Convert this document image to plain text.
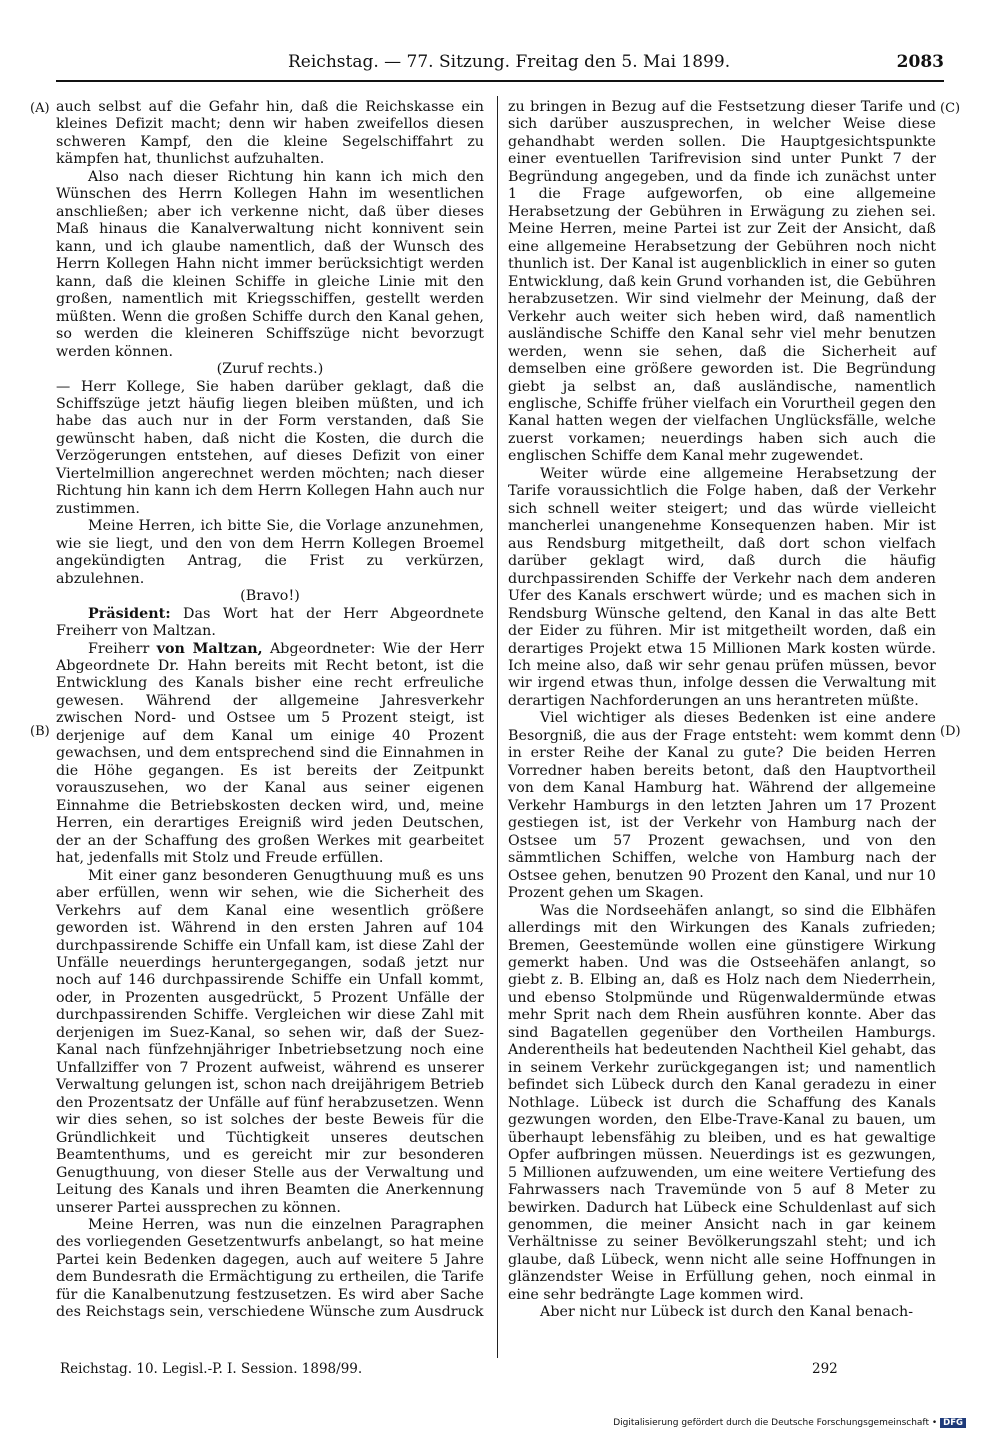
Reichstag. — 77. Sitzung. Freitag den 5. Mai 1899.	2083
(A)
(B)
(C)
(D)

auch selbst auf die Gefahr hin, daß die Reichskasse ein kleines Defizit macht; denn wir haben zweifellos diesen schweren Kampf, den die kleine Segelschiffahrt zu kämpfen hat, thunlichst aufzuhalten.

Also nach dieser Richtung hin kann ich mich den Wünschen des Herrn Kollegen Hahn im wesentlichen anschließen; aber ich verkenne nicht, daß über dieses Maß hinaus die Kanalverwaltung nicht konnivent sein kann, und ich glaube namentlich, daß der Wunsch des Herrn Kollegen Hahn nicht immer berücksichtigt werden kann, daß die kleinen Schiffe in gleiche Linie mit den großen, namentlich mit Kriegsschiffen, gestellt werden müßten. Wenn die großen Schiffe durch den Kanal gehen, so werden die kleineren Schiffszüge nicht bevorzugt werden können.

(Zuruf rechts.)

— Herr Kollege, Sie haben darüber geklagt, daß die Schiffszüge jetzt häufig liegen bleiben müßten, und ich habe das auch nur in der Form verstanden, daß Sie gewünscht haben, daß nicht die Kosten, die durch die Verzögerungen entstehen, auf dieses Defizit von einer Viertelmillion angerechnet werden möchten; nach dieser Richtung hin kann ich dem Herrn Kollegen Hahn auch nur zustimmen.

Meine Herren, ich bitte Sie, die Vorlage anzunehmen, wie sie liegt, und den von dem Herrn Kollegen Broemel angekündigten Antrag, die Frist zu verkürzen, abzulehnen.

(Bravo!)

Präsident: Das Wort hat der Herr Abgeordnete Freiherr von Maltzan.

Freiherr von Maltzan, Abgeordneter: Wie der Herr Abgeordnete Dr. Hahn bereits mit Recht betont, ist die Entwicklung des Kanals bisher eine recht erfreuliche gewesen. Während der allgemeine Jahresverkehr zwischen Nord- und Ostsee um 5 Prozent steigt, ist derjenige auf dem Kanal um einige 40 Prozent gewachsen, und dem entsprechend sind die Einnahmen in die Höhe gegangen. Es ist bereits der Zeitpunkt vorauszusehen, wo der Kanal aus seiner eigenen Einnahme die Betriebskosten decken wird, und, meine Herren, ein derartiges Ereigniß wird jeden Deutschen, der an der Schaffung des großen Werkes mit gearbeitet hat, jedenfalls mit Stolz und Freude erfüllen.

Mit einer ganz besonderen Genugthuung muß es uns aber erfüllen, wenn wir sehen, wie die Sicherheit des Verkehrs auf dem Kanal eine wesentlich größere geworden ist. Während in den ersten Jahren auf 104 durchpassirende Schiffe ein Unfall kam, ist diese Zahl der Unfälle neuerdings heruntergegangen, sodaß jetzt nur noch auf 146 durchpassirende Schiffe ein Unfall kommt, oder, in Prozenten ausgedrückt, 5 Prozent Unfälle der durchpassirenden Schiffe. Vergleichen wir diese Zahl mit derjenigen im Suez-Kanal, so sehen wir, daß der Suez-Kanal nach fünfzehnjähriger Inbetriebsetzung noch eine Unfallziffer von 7 Prozent aufweist, während es unserer Verwaltung gelungen ist, schon nach dreijährigem Betrieb den Prozentsatz der Unfälle auf fünf herabzusetzen. Wenn wir dies sehen, so ist solches der beste Beweis für die Gründlichkeit und Tüchtigkeit unseres deutschen Beamtenthums, und es gereicht mir zur besonderen Genugthuung, von dieser Stelle aus der Verwaltung und Leitung des Kanals und ihren Beamten die Anerkennung unserer Partei aussprechen zu können.

Meine Herren, was nun die einzelnen Paragraphen des vorliegenden Gesetzentwurfs anbelangt, so hat meine Partei kein Bedenken dagegen, auch auf weitere 5 Jahre dem Bundesrath die Ermächtigung zu ertheilen, die Tarife für die Kanalbenutzung festzusetzen. Es wird aber Sache des Reichstags sein, verschiedene Wünsche zum Ausdruck

zu bringen in Bezug auf die Festsetzung dieser Tarife und sich darüber auszusprechen, in welcher Weise diese gehandhabt werden sollen. Die Hauptgesichtspunkte einer eventuellen Tarifrevision sind unter Punkt 7 der Begründung angegeben, und da finde ich zunächst unter 1 die Frage aufgeworfen, ob eine allgemeine Herabsetzung der Gebühren in Erwägung zu ziehen sei. Meine Herren, meine Partei ist zur Zeit der Ansicht, daß eine allgemeine Herabsetzung der Gebühren noch nicht thunlich ist. Der Kanal ist augenblicklich in einer so guten Entwicklung, daß kein Grund vorhanden ist, die Gebühren herabzusetzen. Wir sind vielmehr der Meinung, daß der Verkehr auch weiter sich heben wird, daß namentlich ausländische Schiffe den Kanal sehr viel mehr benutzen werden, wenn sie sehen, daß die Sicherheit auf demselben eine größere geworden ist. Die Begründung giebt ja selbst an, daß ausländische, namentlich englische, Schiffe früher vielfach ein Vorurtheil gegen den Kanal hatten wegen der vielfachen Unglücksfälle, welche zuerst vorkamen; neuerdings haben sich auch die englischen Schiffe dem Kanal mehr zugewendet.

Weiter würde eine allgemeine Herabsetzung der Tarife voraussichtlich die Folge haben, daß der Verkehr sich schnell weiter steigert; und das würde vielleicht mancherlei unangenehme Konsequenzen haben. Mir ist aus Rendsburg mitgetheilt, daß dort schon vielfach darüber geklagt wird, daß durch die häufig durchpassirenden Schiffe der Verkehr nach dem anderen Ufer des Kanals erschwert würde; und es machen sich in Rendsburg Wünsche geltend, den Kanal in das alte Bett der Eider zu führen. Mir ist mitgetheilt worden, daß ein derartiges Projekt etwa 15 Millionen Mark kosten würde. Ich meine also, daß wir sehr genau prüfen müssen, bevor wir irgend etwas thun, infolge dessen die Verwaltung mit derartigen Nachforderungen an uns herantreten müßte.

Viel wichtiger als dieses Bedenken ist eine andere Besorgniß, die aus der Frage entsteht: wem kommt denn in erster Reihe der Kanal zu gute? Die beiden Herren Vorredner haben bereits betont, daß den Hauptvortheil von dem Kanal Hamburg hat. Während der allgemeine Verkehr Hamburgs in den letzten Jahren um 17 Prozent gestiegen ist, ist der Verkehr von Hamburg nach der Ostsee um 57 Prozent gewachsen, und von den sämmtlichen Schiffen, welche von Hamburg nach der Ostsee gehen, benutzen 90 Prozent den Kanal, und nur 10 Prozent gehen um Skagen.

Was die Nordseehäfen anlangt, so sind die Elbhäfen allerdings mit den Wirkungen des Kanals zufrieden; Bremen, Geestemünde wollen eine günstigere Wirkung gemerkt haben. Und was die Ostseehäfen anlangt, so giebt z. B. Elbing an, daß es Holz nach dem Niederrhein, und ebenso Stolpmünde und Rügenwaldermünde etwas mehr Sprit nach dem Rhein ausführen konnte. Aber das sind Bagatellen gegenüber den Vortheilen Hamburgs. Anderentheils hat bedeutenden Nachtheil Kiel gehabt, das in seinem Verkehr zurückgegangen ist; und namentlich befindet sich Lübeck durch den Kanal geradezu in einer Nothlage. Lübeck ist durch die Schaffung des Kanals gezwungen worden, den Elbe-Trave-Kanal zu bauen, um überhaupt lebensfähig zu bleiben, und es hat gewaltige Opfer aufbringen müssen. Neuerdings ist es gezwungen, 5 Millionen aufzuwenden, um eine weitere Vertiefung des Fahrwassers nach Travemünde von 5 auf 8 Meter zu bewirken. Dadurch hat Lübeck eine Schuldenlast auf sich genommen, die meiner Ansicht nach in gar keinem Verhältnisse zu seiner Bevölkerungszahl steht; und ich glaube, daß Lübeck, wenn nicht alle seine Hoffnungen in glänzendster Weise in Erfüllung gehen, noch einmal in eine sehr bedrängte Lage kommen wird.

Aber nicht nur Lübeck ist durch den Kanal benach-

Reichstag. 10. Legisl.-P. I. Session. 1898/99.	292
Digitalisierung gefördert durch die Deutsche Forschungsgemeinschaft • DFG
